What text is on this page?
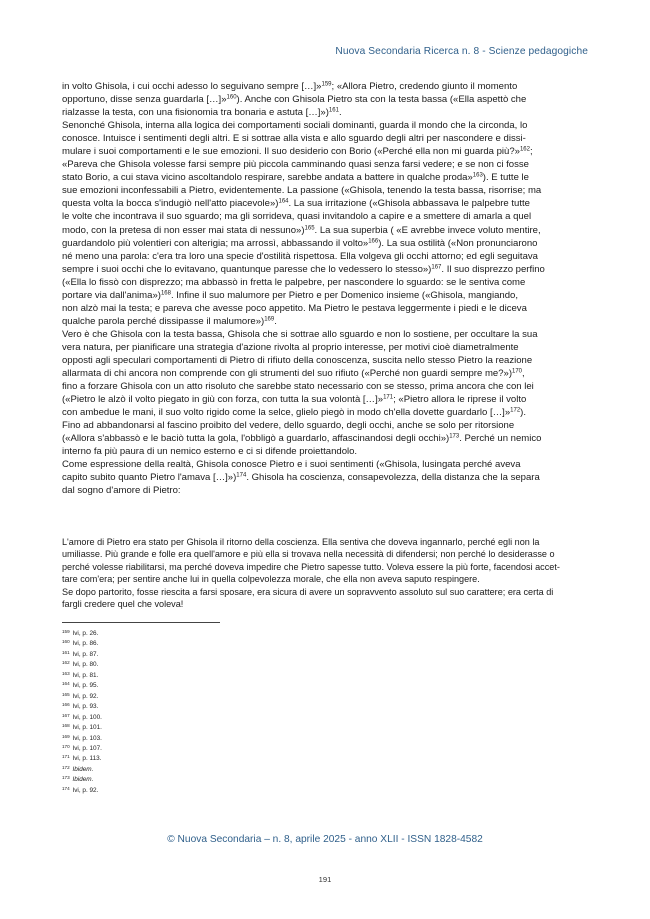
Nuova Secondaria Ricerca n. 8 - Scienze pedagogiche

in volto Ghisola, i cui occhi adesso lo seguivano sempre […]»$^{159}$; «Allora Pietro, credendo giunto il momento
opportuno, disse senza guardarla […]»$^{160}$). Anche con Ghisola Pietro sta con la testa bassa («Ella aspettò che
rialzasse la testa, con una fisionomia tra bonaria e astuta […]»)$^{161}$.

Senonché Ghisola, interna alla logica dei comportamenti sociali dominanti, guarda il mondo che la circonda, lo
conosce. Intuisce i sentimenti degli altri. E si sottrae alla vista e allo sguardo degli altri per nascondere e dissi-
mulare i suoi comportamenti e le sue emozioni. Il suo desiderio con Borio («Perché ella non mi guarda più?»$^{162}$;
«Pareva che Ghisola volesse farsi sempre più piccola camminando quasi senza farsi vedere; e se non ci fosse
stato Borio, a cui stava vicino ascoltandolo respirare, sarebbe andata a battere in qualche proda»$^{163}$). E tutte le
sue emozioni inconfessabili a Pietro, evidentemente. La passione («Ghisola, tenendo la testa bassa, risorrise; ma
questa volta la bocca s'indugiò nell'atto piacevole»)$^{164}$. La sua irritazione («Ghisola abbassava le palpebre tutte
le volte che incontrava il suo sguardo; ma gli sorrideva, quasi invitandolo a capire e a smettere di amarla a quel
modo, con la pretesa di non esser mai stata di nessuno»)$^{165}$. La sua superbia ( «E avrebbe invece voluto mentire,
guardandolo più volentieri con alterigia; ma arrossì, abbassando il volto»$^{166}$). La sua ostilità («Non pronunciarono
né meno una parola: c'era tra loro una specie d'ostilità rispettosa. Ella volgeva gli occhi attorno; ed egli seguitava
sempre i suoi occhi che lo evitavano, quantunque paresse che lo vedessero lo stesso»)$^{167}$. Il suo disprezzo perfino
(«Ella lo fissò con disprezzo; ma abbassò in fretta le palpebre, per nascondere lo sguardo: se le sentiva come
portare via dall'anima»)$^{168}$. Infine il suo malumore per Pietro e per Domenico insieme («Ghisola, mangiando,
non alzò mai la testa; e pareva che avesse poco appetito. Ma Pietro le pestava leggermente i piedi e le diceva
qualche parola perché dissipasse il malumore»)$^{169}$.

Vero è che Ghisola con la testa bassa, Ghisola che si sottrae allo sguardo e non lo sostiene, per occultare la sua
vera natura, per pianificare una strategia d'azione rivolta al proprio interesse, per motivi cioè diametralmente
opposti agli speculari comportamenti di Pietro di rifiuto della conoscenza, suscita nello stesso Pietro la reazione
allarmata di chi ancora non comprende con gli strumenti del suo rifiuto («Perché non guardi sempre me?»)$^{170}$,
fino a forzare Ghisola con un atto risoluto che sarebbe stato necessario con se stesso, prima ancora che con lei
(«Pietro le alzò il volto piegato in giù con forza, con tutta la sua volontà […]»$^{171}$; «Pietro allora le riprese il volto
con ambedue le mani, il suo volto rigido come la selce, glielo piegò in modo ch'ella dovette guardarlo […]»$^{172}$).
Fino ad abbandonarsi al fascino proibito del vedere, dello sguardo, degli occhi, anche se solo per ritorsione
(«Allora s'abbassò e le baciò tutta la gola, l'obbligò a guardarlo, affascinandosi degli occhi»)$^{173}$. Perché un nemico
interno fa più paura di un nemico esterno e ci si difende proiettandolo.

Come espressione della realtà, Ghisola conosce Pietro e i suoi sentimenti («Ghisola, lusingata perché aveva
capito subito quanto Pietro l'amava […]»)$^{174}$. Ghisola ha coscienza, consapevolezza, della distanza che la separa
dal sogno d'amore di Pietro:

L'amore di Pietro era stato per Ghisola il ritorno della coscienza. Ella sentiva che doveva ingannarlo, perché egli non la
umiliasse. Più grande e folle era quell'amore e più ella si trovava nella necessità di difendersi; non perché lo desiderasse o
perché volesse riabilitarsi, ma perché doveva impedire che Pietro sapesse tutto. Voleva essere la più forte, facendosi accet-
tare com'era; per sentire anche lui in quella colpevolezza morale, che ella non aveva saputo respingere.

Se dopo partorito, fosse riescita a farsi sposare, era sicura di avere un sopravvento assoluto sul suo carattere; era certa di
fargli credere quel che voleva!

$^{159}$ Ivi, p. 26.
$^{160}$ Ivi, p. 86.
$^{161}$ Ivi, p. 87.
$^{162}$ Ivi, p. 80.
$^{163}$ Ivi, p. 81.
$^{164}$ Ivi, p. 95.
$^{165}$ Ivi, p. 92.
$^{166}$ Ivi, p. 93.
$^{167}$ Ivi, p. 100.
$^{168}$ Ivi, p. 101.
$^{169}$ Ivi, p. 103.
$^{170}$ Ivi, p. 107.
$^{171}$ Ivi, p. 113.
$^{172}$ Ibidem.
$^{173}$ Ibidem.
$^{174}$ Ivi, p. 92.
© Nuova Secondaria – n. 8, aprile 2025 - anno XLII - ISSN 1828-4582
191
